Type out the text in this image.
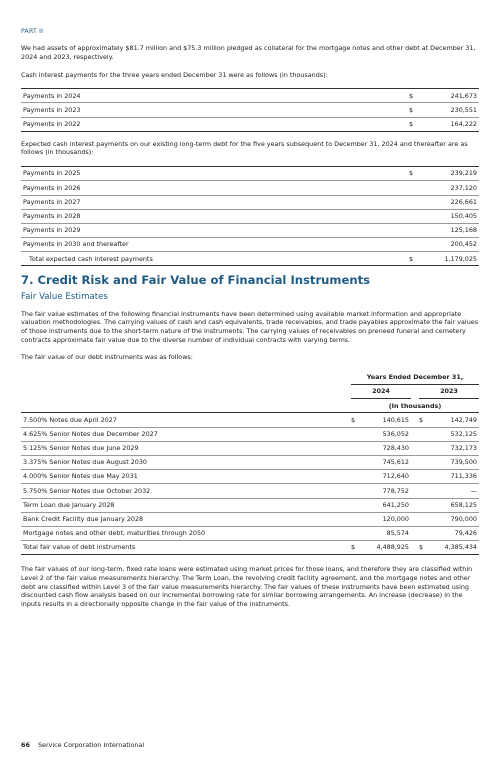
PART II

We had assets of approximately $81.7 million and $75.3 million pledged as collateral for the mortgage notes and other debt at December 31, 2024 and 2023, respectively.

Cash interest payments for the three years ended December 31 were as follows (in thousands):

Payments in 2024	$	241,673
Payments in 2023	$	230,551
Payments in 2022	$	164,222

Expected cash interest payments on our existing long-term debt for the five years subsequent to December 31, 2024 and thereafter are as follows (in thousands):

Payments in 2025	$	239,219
Payments in 2026		237,120
Payments in 2027		226,661
Payments in 2028		150,405
Payments in 2029		125,168
Payments in 2030 and thereafter		200,452
Total expected cash interest payments	$	1,179,025
7. Credit Risk and Fair Value of Financial Instruments
Fair Value Estimates

The fair value estimates of the following financial instruments have been determined using available market information and appropriate valuation methodologies. The carrying values of cash and cash equivalents, trade receivables, and trade payables approximate the fair values of those instruments due to the short-term nature of the instruments. The carrying values of receivables on preneed funeral and cemetery contracts approximate fair value due to the diverse number of individual contracts with varying terms.

The fair value of our debt instruments was as follows:

	Years Ended December 31,				
	2024			2023	
	(In thousands)				
7.500% Notes due April 2027	$	140,615		$	142,749
4.625% Senior Notes due December 2027		536,052			532,125
5.125% Senior Notes due June 2029		728,430			732,173
3.375% Senior Notes due August 2030		745,612			739,500
4.000% Senior Notes due May 2031		712,640			711,336
5.750% Senior Notes due October 2032		778,752			—
Term Loan due January 2028		641,250			658,125
Bank Credit Facility due January 2028		120,000			790,000
Mortgage notes and other debt, maturities through 2050		85,574			79,426
Total fair value of debt instruments	$	4,488,925		$	4,385,434

The fair values of our long-term, fixed rate loans were estimated using market prices for those loans, and therefore they are classified within Level 2 of the fair value measurements hierarchy. The Term Loan, the revolving credit facility agreement, and the mortgage notes and other debt are classified within Level 3 of the fair value measurements hierarchy. The fair values of these instruments have been estimated using discounted cash flow analysis based on our incremental borrowing rate for similar borrowing arrangements. An increase (decrease) in the inputs results in a directionally opposite change in the fair value of the instruments.

66 Service Corporation International
